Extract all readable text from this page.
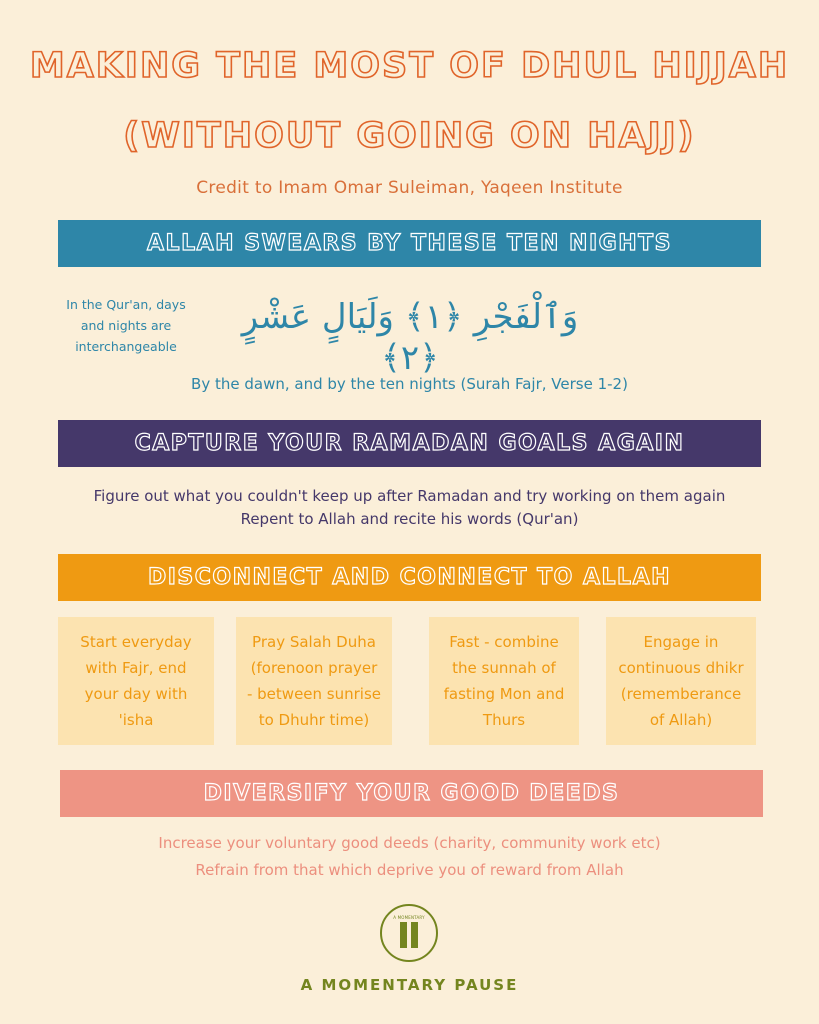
MAKING THE MOST OF DHUL HIJJAH
(WITHOUT GOING ON HAJJ)
Credit to Imam Omar Suleiman, Yaqeen Institute
ALLAH SWEARS BY THESE TEN NIGHTS
In the Qur'an, days
and nights are
interchangeable
وَٱلْفَجْرِ ﴿١﴾ وَلَيَالٍ عَشْرٍ ﴿٢﴾
By the dawn, and by the ten nights (Surah Fajr, Verse 1-2)
CAPTURE YOUR RAMADAN GOALS AGAIN
Figure out what you couldn't keep up after Ramadan and try working on them again
Repent to Allah and recite his words (Qur'an)
DISCONNECT AND CONNECT TO ALLAH
Start everyday with Fajr, end your day with 'isha
Pray Salah Duha (forenoon prayer - between sunrise to Dhuhr time)
Fast - combine the sunnah of fasting Mon and Thurs
Engage in continuous dhikr (rememberance of Allah)
DIVERSIFY YOUR GOOD DEEDS
Increase your voluntary good deeds (charity, community work etc)
Refrain from that which deprive you of reward from Allah
A MOMENTARY
A MOMENTARY PAUSE
